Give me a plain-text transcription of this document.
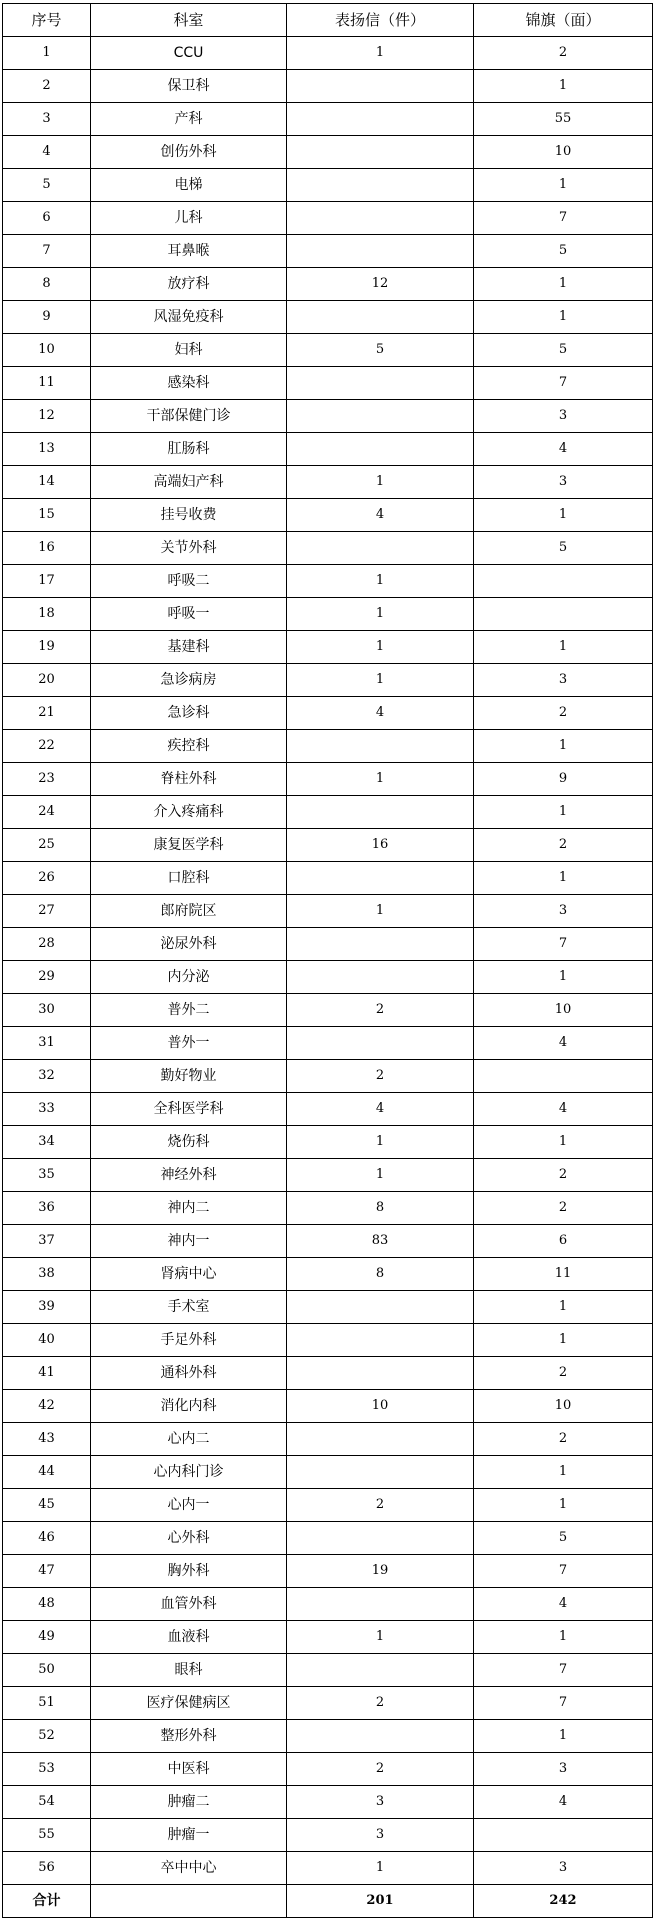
序号	科室	表扬信（件）	锦旗（面）
1	CCU	1	2
2	保卫科		1
3	产科		55
4	创伤外科		10
5	电梯		1
6	儿科		7
7	耳鼻喉		5
8	放疗科	12	1
9	风湿免疫科		1
10	妇科	5	5
11	感染科		7
12	干部保健门诊		3
13	肛肠科		4
14	高端妇产科	1	3
15	挂号收费	4	1
16	关节外科		5
17	呼吸二	1	
18	呼吸一	1	
19	基建科	1	1
20	急诊病房	1	3
21	急诊科	4	2
22	疾控科		1
23	脊柱外科	1	9
24	介入疼痛科		1
25	康复医学科	16	2
26	口腔科		1
27	郎府院区	1	3
28	泌尿外科		7
29	内分泌		1
30	普外二	2	10
31	普外一		4
32	勤好物业	2	
33	全科医学科	4	4
34	烧伤科	1	1
35	神经外科	1	2
36	神内二	8	2
37	神内一	83	6
38	肾病中心	8	11
39	手术室		1
40	手足外科		1
41	通科外科		2
42	消化内科	10	10
43	心内二		2
44	心内科门诊		1
45	心内一	2	1
46	心外科		5
47	胸外科	19	7
48	血管外科		4
49	血液科	1	1
50	眼科		7
51	医疗保健病区	2	7
52	整形外科		1
53	中医科	2	3
54	肿瘤二	3	4
55	肿瘤一	3	
56	卒中中心	1	3
合计		201	242
